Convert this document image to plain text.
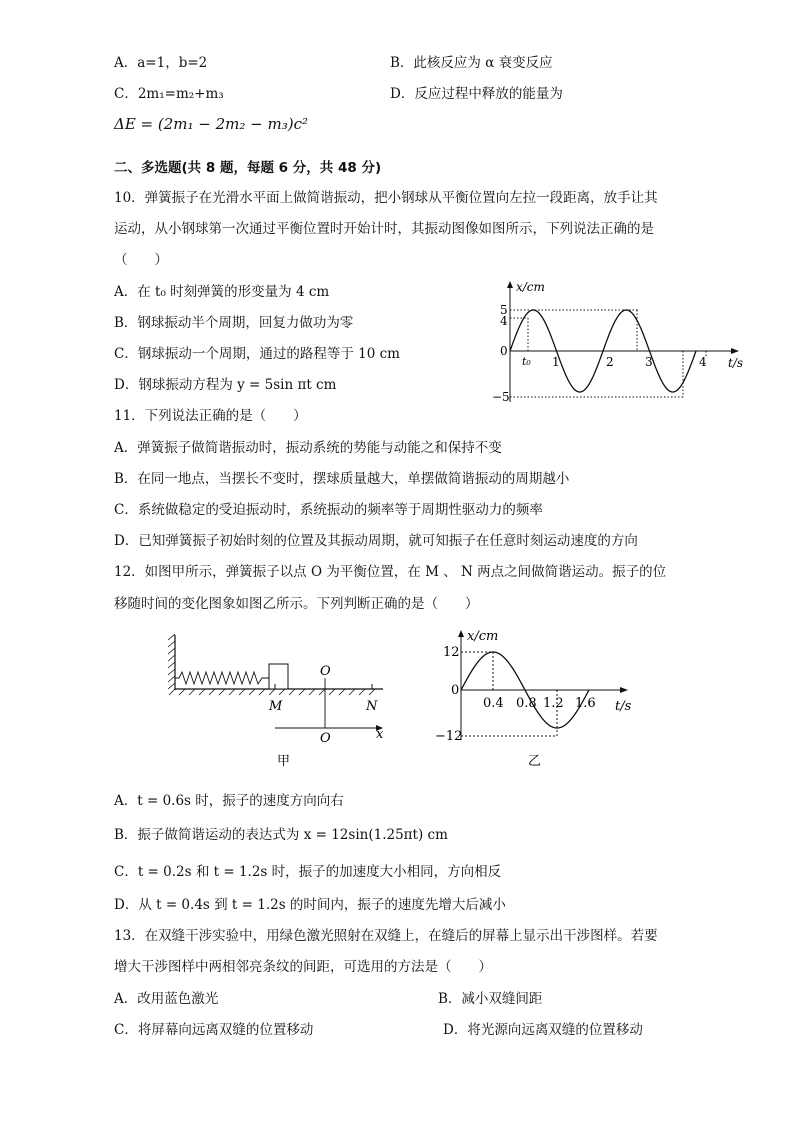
A．a=1，b=2	B．此核反应为 α 衰变反应
C．2m₁=m₂+m₃	D．反应过程中释放的能量为
ΔE = (2m₁ − 2m₂ − m₃)c²
二、多选题(共 8 题，每题 6 分，共 48 分)
10．弹簧振子在光滑水平面上做简谐振动，把小钢球从平衡位置向左拉一段距离，放手让其
运动，从小钢球第一次通过平衡位置时开始计时，其振动图像如图所示，下列说法正确的是
（　　）
A．在 t₀ 时刻弹簧的形变量为 4 cm
B．钢球振动半个周期，回复力做功为零
C．钢球振动一个周期，通过的路程等于 10 cm
D．钢球振动方程为 y = 5sin πt cm
x/cm
t/s
5
4
0
−5
t₀ 1	2	3	4
11．下列说法正确的是（　　）
A．弹簧振子做简谐振动时，振动系统的势能与动能之和保持不变
B．在同一地点，当摆长不变时，摆球质量越大，单摆做简谐振动的周期越小
C．系统做稳定的受迫振动时，系统振动的频率等于周期性驱动力的频率
D．已知弹簧振子初始时刻的位置及其振动周期，就可知振子在任意时刻运动速度的方向
12．如图甲所示，弹簧振子以点 O 为平衡位置，在 M 、 N 两点之间做简谐运动。振子的位
移随时间的变化图象如图乙所示。下列判断正确的是（　　）
O
M	N
O	x
甲
x/cm
t/s
12
0
−12
0.4 0.8 1.2 1.6
乙
A．t = 0.6s 时，振子的速度方向向右
B．振子做简谐运动的表达式为 x = 12sin(1.25πt) cm
C．t = 0.2s 和 t = 1.2s 时，振子的加速度大小相同，方向相反
D．从 t = 0.4s 到 t = 1.2s 的时间内，振子的速度先增大后减小
13．在双缝干涉实验中，用绿色激光照射在双缝上，在缝后的屏幕上显示出干涉图样。若要
增大干涉图样中两相邻亮条纹的间距，可选用的方法是（　　）
A．改用蓝色激光	B．减小双缝间距
C．将屏幕向远离双缝的位置移动	D．将光源向远离双缝的位置移动
